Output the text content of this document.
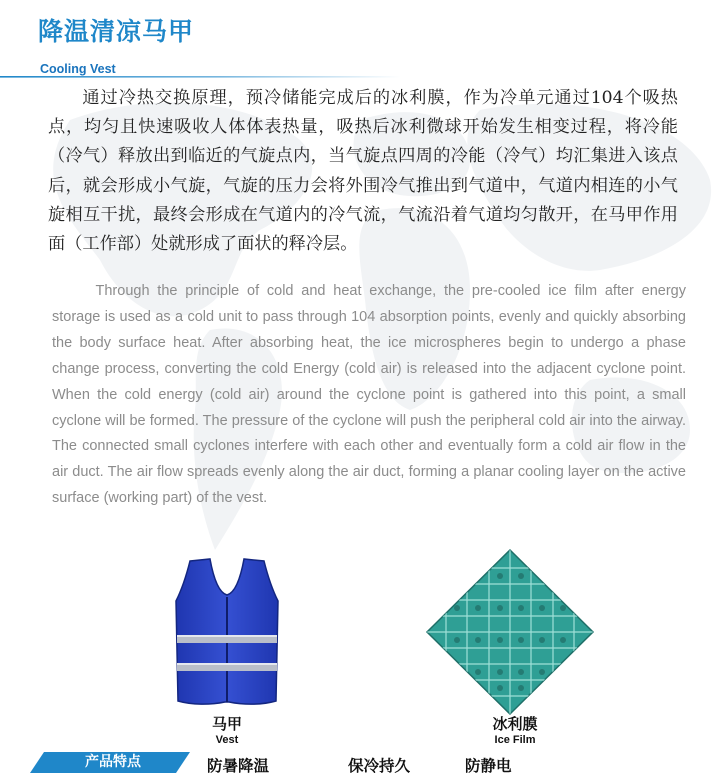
降温清凉马甲
Cooling Vest

通过冷热交换原理，预冷储能完成后的冰利膜，作为冷单元通过104个吸热点，均匀且快速吸收人体体表热量，吸热后冰利微球开始发生相变过程，将冷能（冷气）释放出到临近的气旋点内，当气旋点四周的冷能（冷气）均汇集进入该点后，就会形成小气旋，气旋的压力会将外围冷气推出到气道中，气道内相连的小气旋相互干扰，最终会形成在气道内的冷气流，气流沿着气道均匀散开，在马甲作用面（工作部）处就形成了面状的释冷层。

Through the principle of cold and heat exchange, the pre-cooled ice film after energy storage is used as a cold unit to pass through 104 absorption points, evenly and quickly absorbing the body surface heat. After absorbing heat, the ice microspheres begin to undergo a phase change process, converting the cold Energy (cold air) is released into the adjacent cyclone point. When the cold energy (cold air) around the cyclone point is gathered into this point, a small cyclone will be formed. The pressure of the cyclone will push the peripheral cold air into the airway. The connected small cyclones interfere with each other and eventually form a cold air flow in the air duct. The air flow spreads evenly along the air duct, forming a planar cooling layer on the active surface (working part) of the vest.

马甲
Vest
冰利膜
Ice Film
产品特点	防暑降温	保冷持久	防静电
